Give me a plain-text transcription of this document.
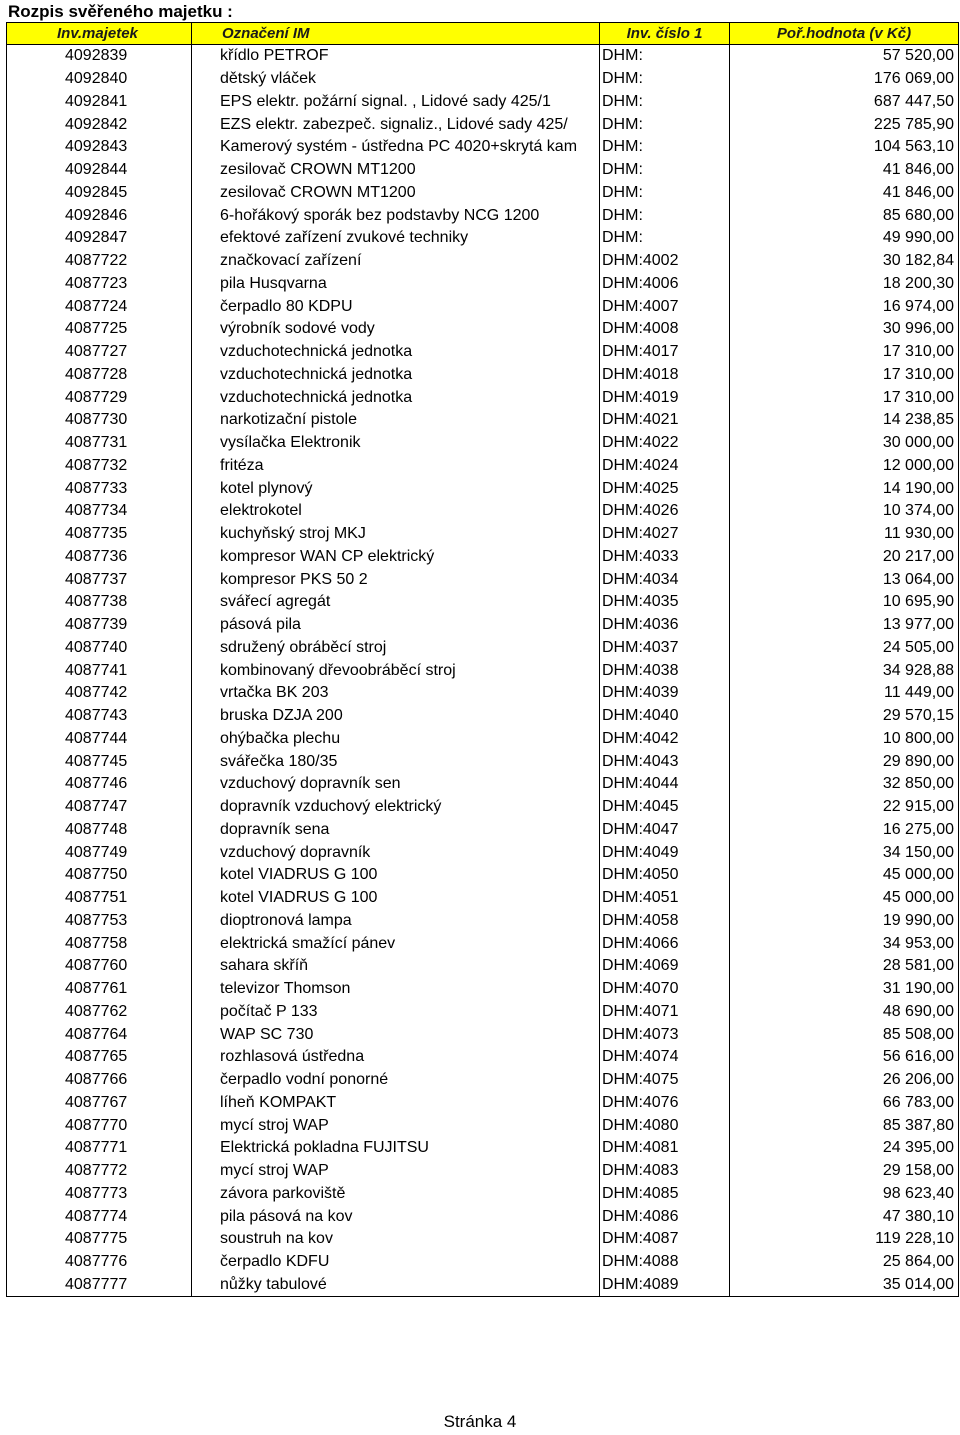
Rozpis svěřeného majetku :
Inv.majetek	Označení IM	Inv. číslo 1	Poř.hodnota (v Kč)
4092839	křídlo PETROF	DHM:	57 520,00
4092840	dětský vláček	DHM:	176 069,00
4092841	EPS elektr. požární signal. , Lidové sady 425/1	DHM:	687 447,50
4092842	EZS elektr. zabezpeč. signaliz., Lidové sady 425/	DHM:	225 785,90
4092843	Kamerový systém - ústředna PC 4020+skrytá kam	DHM:	104 563,10
4092844	zesilovač CROWN MT1200	DHM:	41 846,00
4092845	zesilovač CROWN MT1200	DHM:	41 846,00
4092846	6-hořákový sporák bez podstavby NCG 1200	DHM:	85 680,00
4092847	efektové zařízení zvukové techniky	DHM:	49 990,00
4087722	značkovací zařízení	DHM:4002	30 182,84
4087723	pila Husqvarna	DHM:4006	18 200,30
4087724	čerpadlo 80 KDPU	DHM:4007	16 974,00
4087725	výrobník sodové vody	DHM:4008	30 996,00
4087727	vzduchotechnická jednotka	DHM:4017	17 310,00
4087728	vzduchotechnická jednotka	DHM:4018	17 310,00
4087729	vzduchotechnická jednotka	DHM:4019	17 310,00
4087730	narkotizační pistole	DHM:4021	14 238,85
4087731	vysílačka Elektronik	DHM:4022	30 000,00
4087732	fritéza	DHM:4024	12 000,00
4087733	kotel plynový	DHM:4025	14 190,00
4087734	elektrokotel	DHM:4026	10 374,00
4087735	kuchyňský stroj MKJ	DHM:4027	11 930,00
4087736	kompresor WAN CP elektrický	DHM:4033	20 217,00
4087737	kompresor PKS 50 2	DHM:4034	13 064,00
4087738	svářecí agregát	DHM:4035	10 695,90
4087739	pásová pila	DHM:4036	13 977,00
4087740	sdružený obráběcí stroj	DHM:4037	24 505,00
4087741	kombinovaný dřevoobráběcí stroj	DHM:4038	34 928,88
4087742	vrtačka BK 203	DHM:4039	11 449,00
4087743	bruska DZJA 200	DHM:4040	29 570,15
4087744	ohýbačka plechu	DHM:4042	10 800,00
4087745	svářečka 180/35	DHM:4043	29 890,00
4087746	vzduchový dopravník sen	DHM:4044	32 850,00
4087747	dopravník vzduchový elektrický	DHM:4045	22 915,00
4087748	dopravník sena	DHM:4047	16 275,00
4087749	vzduchový dopravník	DHM:4049	34 150,00
4087750	kotel VIADRUS G 100	DHM:4050	45 000,00
4087751	kotel VIADRUS G 100	DHM:4051	45 000,00
4087753	dioptronová lampa	DHM:4058	19 990,00
4087758	elektrická smažící pánev	DHM:4066	34 953,00
4087760	sahara skříň	DHM:4069	28 581,00
4087761	televizor Thomson	DHM:4070	31 190,00
4087762	počítač P 133	DHM:4071	48 690,00
4087764	WAP SC 730	DHM:4073	85 508,00
4087765	rozhlasová ústředna	DHM:4074	56 616,00
4087766	čerpadlo vodní ponorné	DHM:4075	26 206,00
4087767	líheň KOMPAKT	DHM:4076	66 783,00
4087770	mycí stroj WAP	DHM:4080	85 387,80
4087771	Elektrická pokladna FUJITSU	DHM:4081	24 395,00
4087772	mycí stroj WAP	DHM:4083	29 158,00
4087773	závora parkoviště	DHM:4085	98 623,40
4087774	pila pásová na kov	DHM:4086	47 380,10
4087775	soustruh na kov	DHM:4087	119 228,10
4087776	čerpadlo KDFU	DHM:4088	25 864,00
4087777	nůžky tabulové	DHM:4089	35 014,00
Stránka 4
